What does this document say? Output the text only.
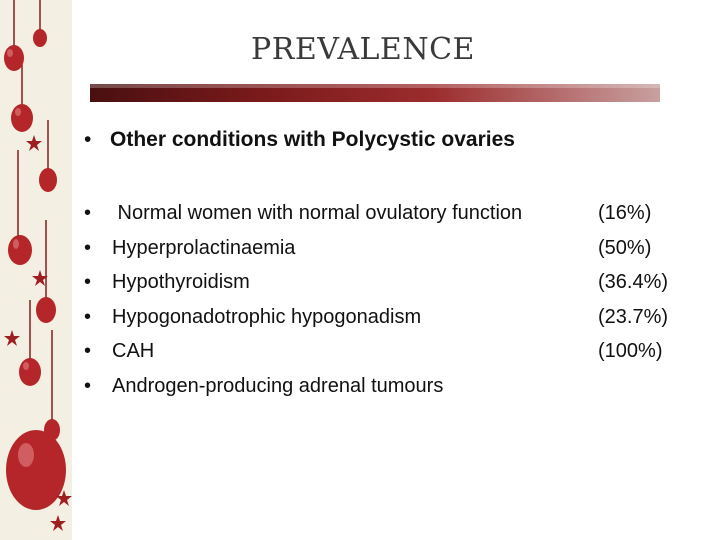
PREVALENCE
• Other conditions with Polycystic ovaries
•	Normal women with normal ovulatory function	(16%)
•	Hyperprolactinaemia	(50%)
•	Hypothyroidism	(36.4%)
•	Hypogonadotrophic hypogonadism	(23.7%)
•	CAH	(100%)
•	Androgen-producing adrenal tumours
